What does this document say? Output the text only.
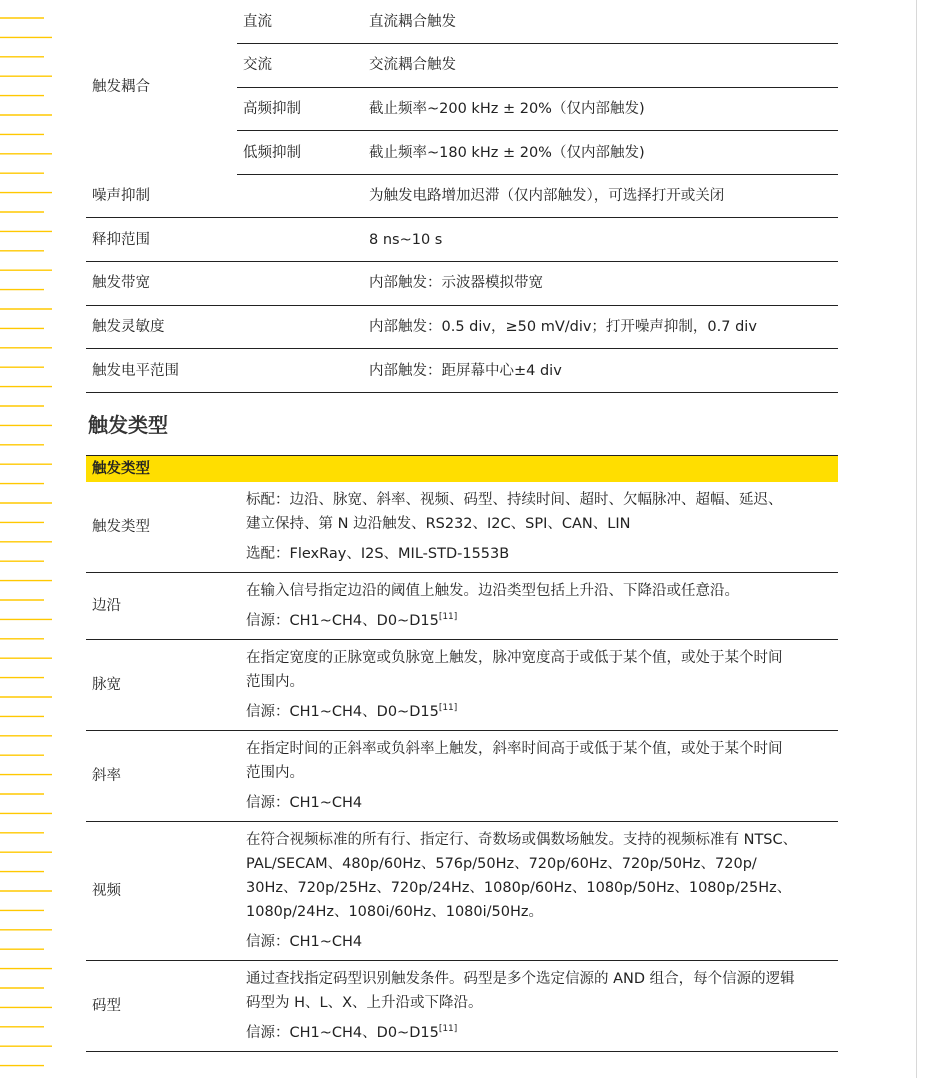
触发耦合	直流	直流耦合触发
	交流	交流耦合触发
	高频抑制	截止频率~200 kHz ± 20%（仅内部触发)
	低频抑制	截止频率~180 kHz ± 20%（仅内部触发)
噪声抑制		为触发电路增加迟滞（仅内部触发），可选择打开或关闭
释抑范围		8 ns~10 s
触发带宽		内部触发：示波器模拟带宽
触发灵敏度		内部触发：0.5 div，≥50 mV/div；打开噪声抑制，0.7 div
触发电平范围		内部触发：距屏幕中心±4 div
触发类型
触发类型
触发类型	标配：边沿、脉宽、斜率、视频、码型、持续时间、超时、欠幅脉冲、超幅、延迟、

建立保持、第 N 边沿触发、RS232、I2C、SPI、CAN、LIN

选配：FlexRay、I2S、MIL-STD-1553B

边沿	在输入信号指定边沿的阈值上触发。边沿类型包括上升沿、下降沿或任意沿。

信源：CH1~CH4、D0~D15[11]

脉宽	在指定宽度的正脉宽或负脉宽上触发，脉冲宽度高于或低于某个值，或处于某个时间

范围内。

信源：CH1~CH4、D0~D15[11]

斜率	在指定时间的正斜率或负斜率上触发，斜率时间高于或低于某个值，或处于某个时间

范围内。

信源：CH1~CH4

视频	在符合视频标准的所有行、指定行、奇数场或偶数场触发。支持的视频标准有 NTSC、

PAL/SECAM、480p/60Hz、576p/50Hz、720p/60Hz、720p/50Hz、720p/

30Hz、720p/25Hz、720p/24Hz、1080p/60Hz、1080p/50Hz、1080p/25Hz、

1080p/24Hz、1080i/60Hz、1080i/50Hz。

信源：CH1~CH4

码型	通过查找指定码型识别触发条件。码型是多个选定信源的 AND 组合，每个信源的逻辑

码型为 H、L、X、上升沿或下降沿。

信源：CH1~CH4、D0~D15[11]
